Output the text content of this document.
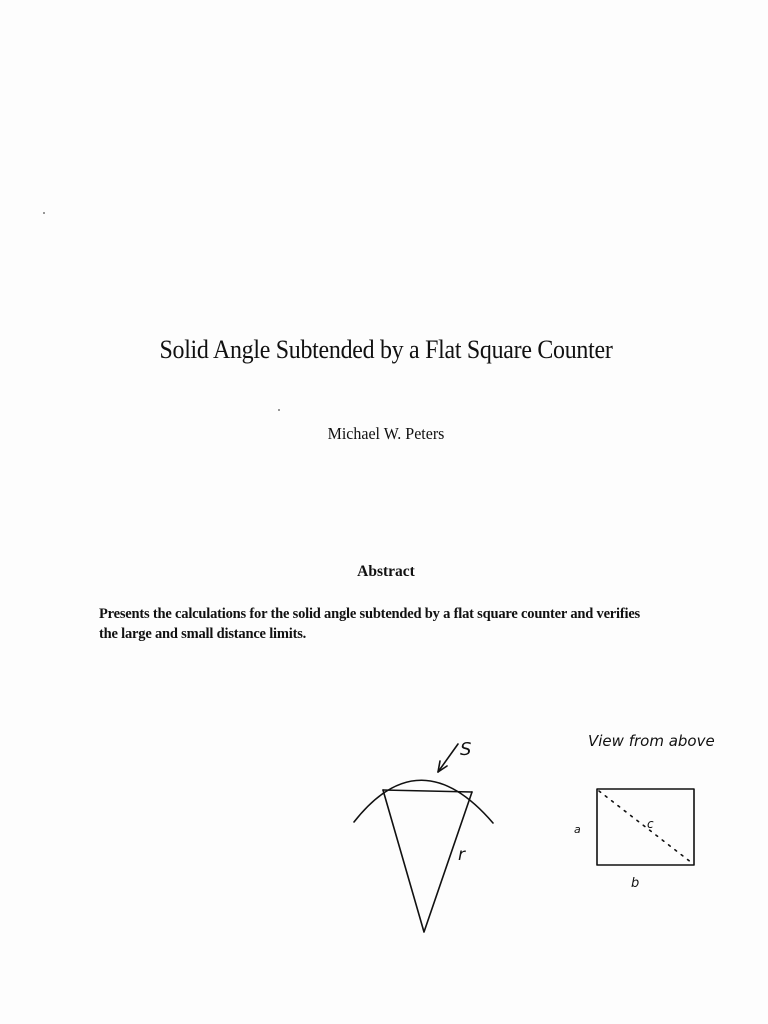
Solid Angle Subtended by a Flat Square Counter
Michael W. Peters
Abstract
Presents the calculations for the solid angle subtended by a flat square counter and verifies
the large and small distance limits.
S
r
View from above
a
b
c
